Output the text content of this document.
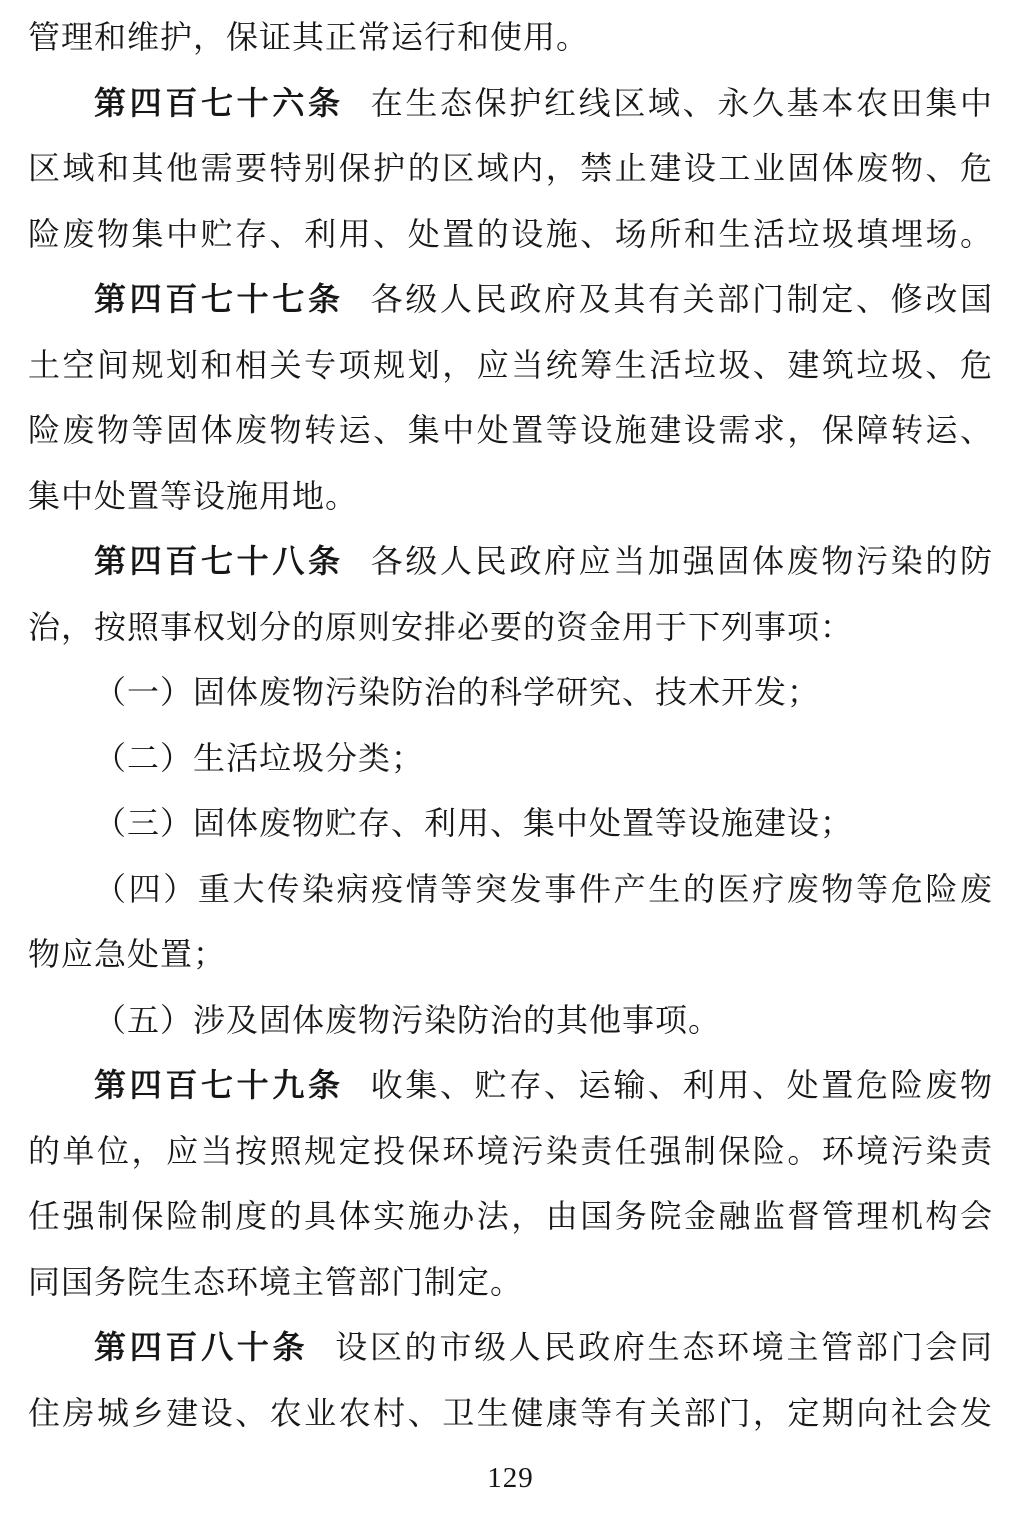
管理和维护，保证其正常运行和使用。
第四百七十六条 在生态保护红线区域、永久基本农田集中
区域和其他需要特别保护的区域内，禁止建设工业固体废物、危
险废物集中贮存、利用、处置的设施、场所和生活垃圾填埋场。
第四百七十七条 各级人民政府及其有关部门制定、修改国
土空间规划和相关专项规划，应当统筹生活垃圾、建筑垃圾、危
险废物等固体废物转运、集中处置等设施建设需求，保障转运、
集中处置等设施用地。
第四百七十八条 各级人民政府应当加强固体废物污染的防
治，按照事权划分的原则安排必要的资金用于下列事项：
（一）固体废物污染防治的科学研究、技术开发；
（二）生活垃圾分类；
（三）固体废物贮存、利用、集中处置等设施建设；
（四）重大传染病疫情等突发事件产生的医疗废物等危险废
物应急处置；
（五）涉及固体废物污染防治的其他事项。
第四百七十九条 收集、贮存、运输、利用、处置危险废物
的单位，应当按照规定投保环境污染责任强制保险。环境污染责
任强制保险制度的具体实施办法，由国务院金融监督管理机构会
同国务院生态环境主管部门制定。
第四百八十条 设区的市级人民政府生态环境主管部门会同
住房城乡建设、农业农村、卫生健康等有关部门，定期向社会发
129
